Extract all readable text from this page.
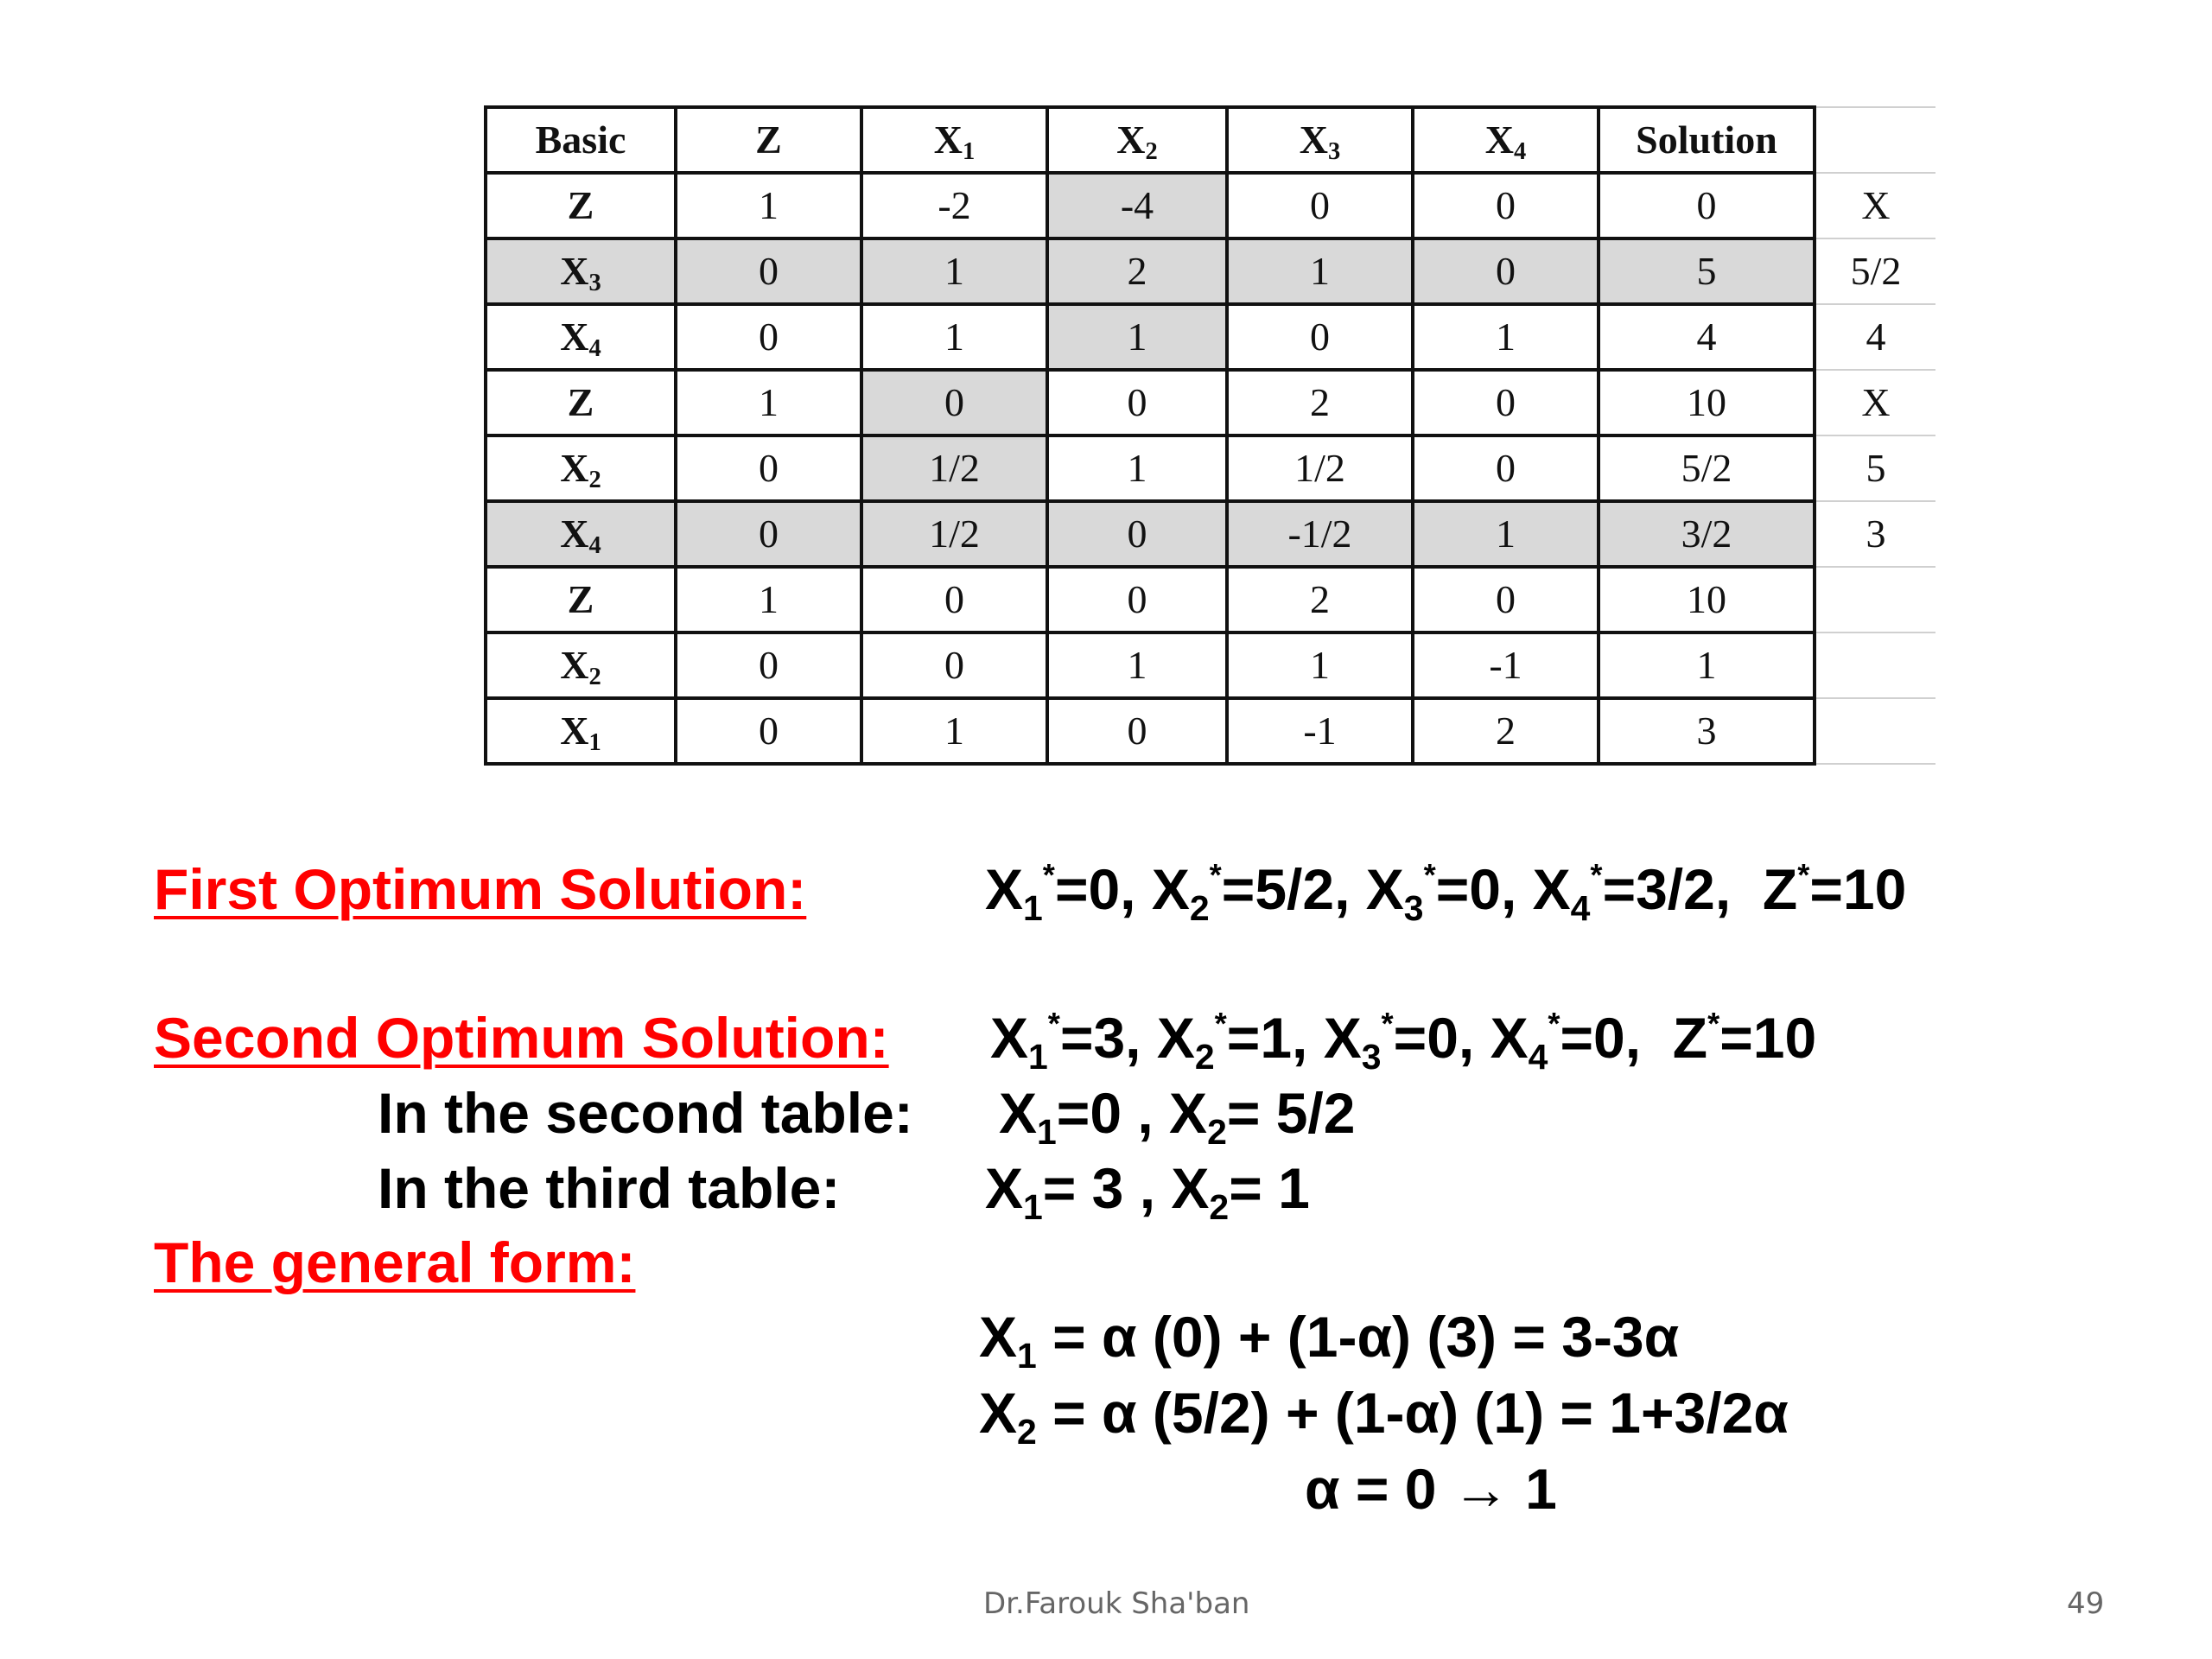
Basic	Z	$X_1$	$X_2$	$X_3$	$X_4$	Solution	
Z	1	-2	-4	0	0	0	X
$X_3$	0	1	2	1	0	5	5/2
$X_4$	0	1	1	0	1	4	4
Z	1	0	0	2	0	10	X
$X_2$	0	1/2	1	1/2	0	5/2	5
$X_4$	0	1/2	0	-1/2	1	3/2	3
Z	1	0	0	2	0	10	
$X_2$	0	0	1	1	-1	1	
$X_1$	0	1	0	-1	2	3	
First Optimum Solution:	$X_1^*=0$, $X_2^*=5/2$, $X_3^*=0$, $X_4^*=3/2$,  Z*=10
Second Optimum Solution: $X_1^*=3$, $X_2^*=1$, $X_3^*=0$, $X_4^*=0$,  Z*=10
In the second table: $X_1=0$ , $X_2= 5/2$
In the third table:	$X_1= 3$ , $X_2= 1$
The general form:
$X_1 = \alpha$ (0) + (1-α) (3) = 3-3α
$X_2 = \alpha$ (5/2) + (1-α) (1) = 1+3/2α
α = 0 → 1
Dr.Farouk Sha'ban	49
